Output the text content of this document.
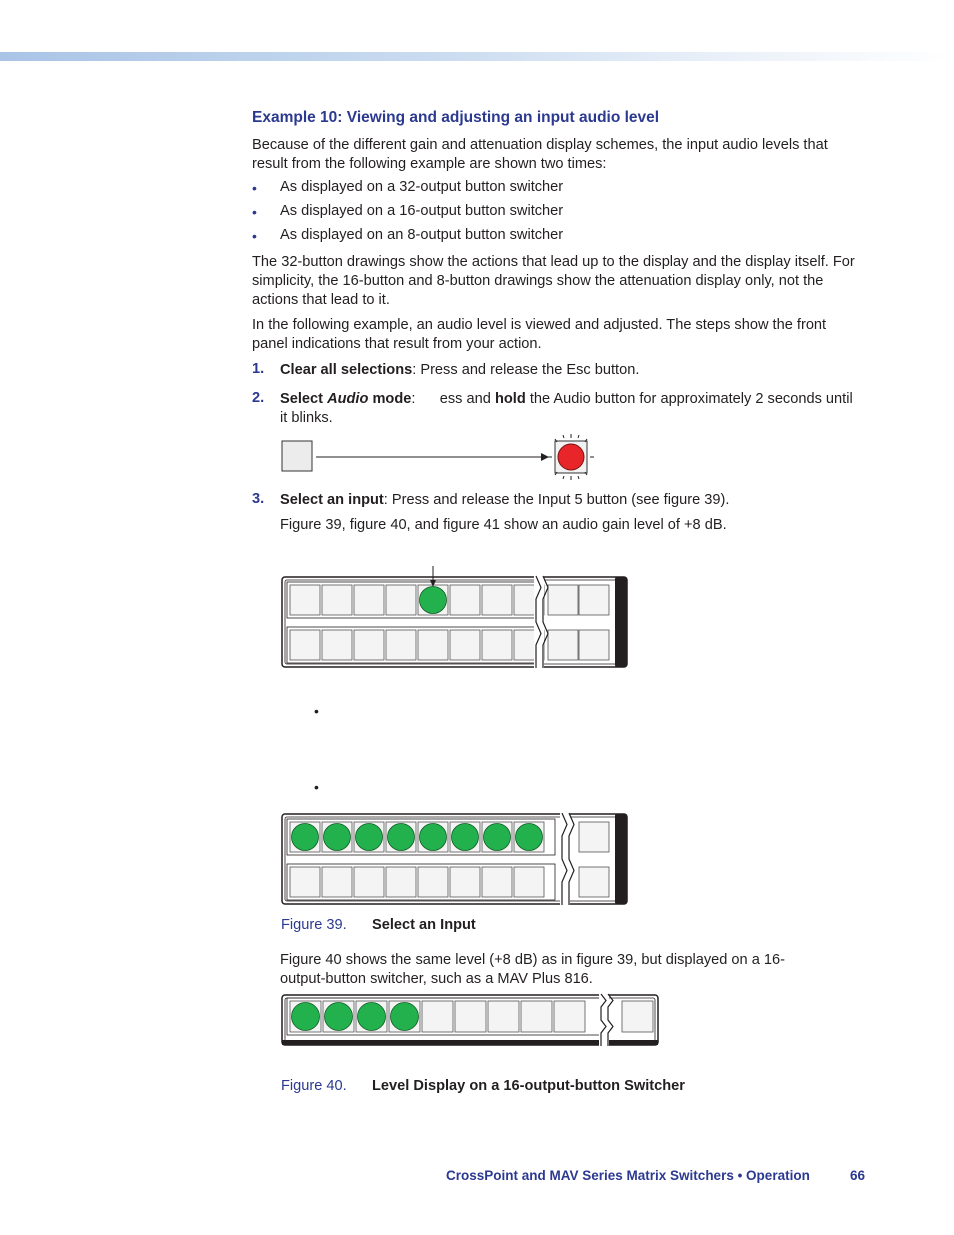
Example 10: Viewing and adjusting an input audio level
Because of the different gain and attenuation display schemes, the input audio levels that result from the following example are shown two times:
• As displayed on a 32-output button switcher
• As displayed on a 16-output button switcher
• As displayed on an 8-output button switcher
The 32-button drawings show the actions that lead up to the display and the display itself. For simplicity, the 16-button and 8-button drawings show the attenuation display only, not the actions that lead to it.
In the following example, an audio level is viewed and adjusted. The steps show the front panel indications that result from your action.
1. Clear all selections: Press and release the Esc button.
2. Select Audio mode:      ess and hold the Audio button for approximately 2 seconds until it blinks.
3. Select an input: Press and release the Input 5 button (see figure 39).
Figure 39, figure 40, and figure 41 show an audio gain level of +8 dB.
•
•
Figure 39. Select an Input
Figure 40 shows the same level (+8 dB) as in figure 39, but displayed on a 16-output-button switcher, such as a MAV Plus 816.
Figure 40. Level Display on a 16-output-button Switcher
CrossPoint and MAV Series Matrix Switchers • Operation	66
